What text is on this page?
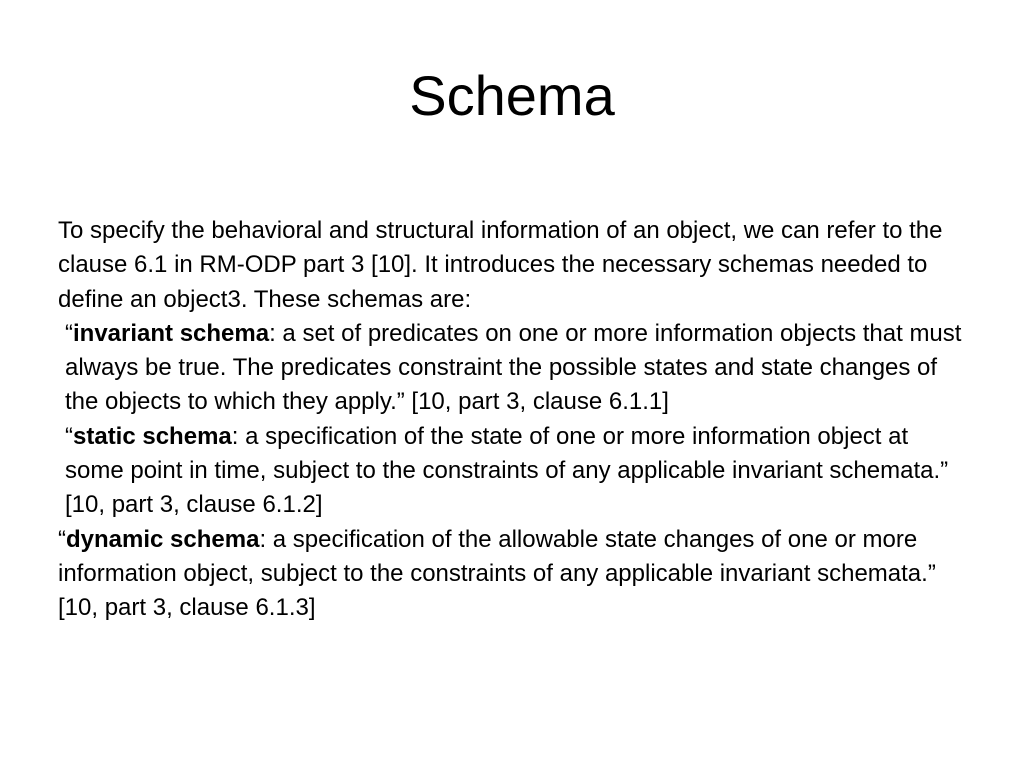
Schema

To specify the behavioral and structural information of an object, we can refer to the clause 6.1 in RM-ODP part 3 [10]. It introduces the necessary schemas needed to define an object3. These schemas are:

“invariant schema: a set of predicates on one or more information objects that must always be true. The predicates constraint the possible states and state changes of the objects to which they apply.” [10, part 3, clause 6.1.1]

“static schema: a specification of the state of one or more information object at some point in time, subject to the constraints of any applicable invariant schemata.” [10, part 3, clause 6.1.2]

“dynamic schema: a specification of the allowable state changes of one or more information object, subject to the constraints of any applicable invariant schemata.” [10, part 3, clause 6.1.3]
